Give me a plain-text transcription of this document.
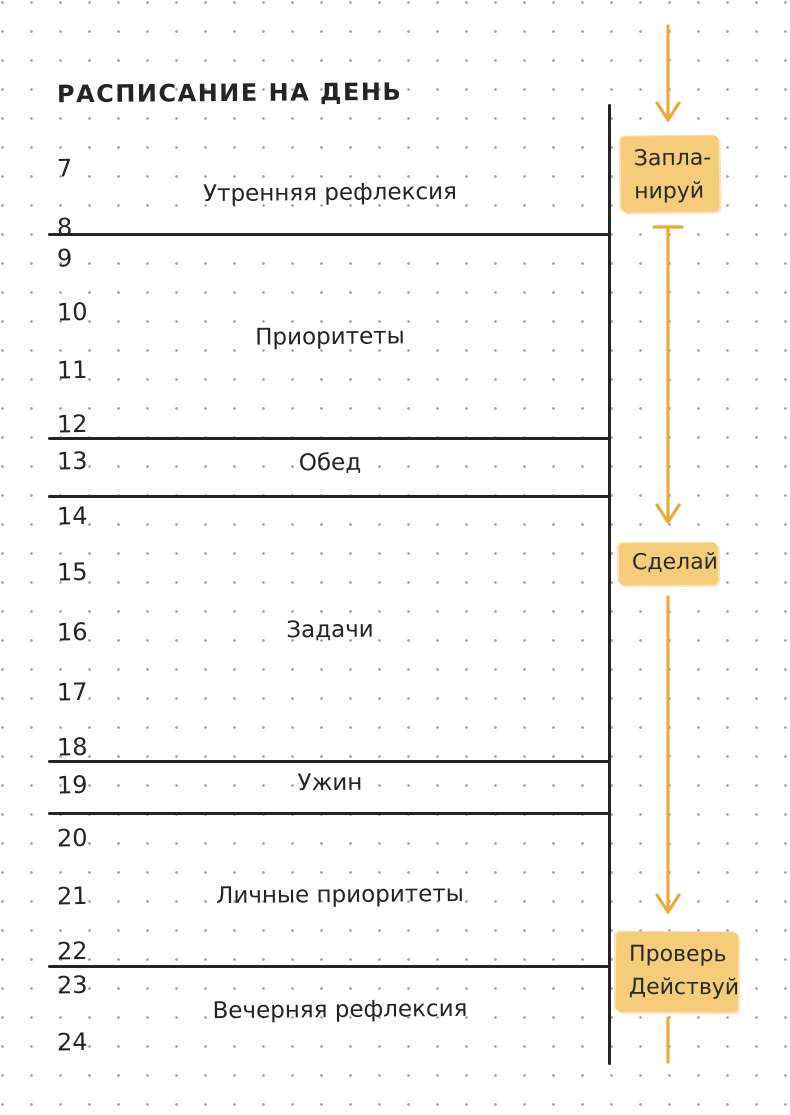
РАСПИСАНИЕ НА ДЕНЬ
7
8
9
10
11
12
13
14
15
16
17
18
19
20
21
22
23
24
Утренняя рефлексия
Приоритеты
Обед
Задачи
Ужин
Личные приоритеты
Вечерняя рефлексия
Запла-
нируй
Сделай
Проверь
Действуй
